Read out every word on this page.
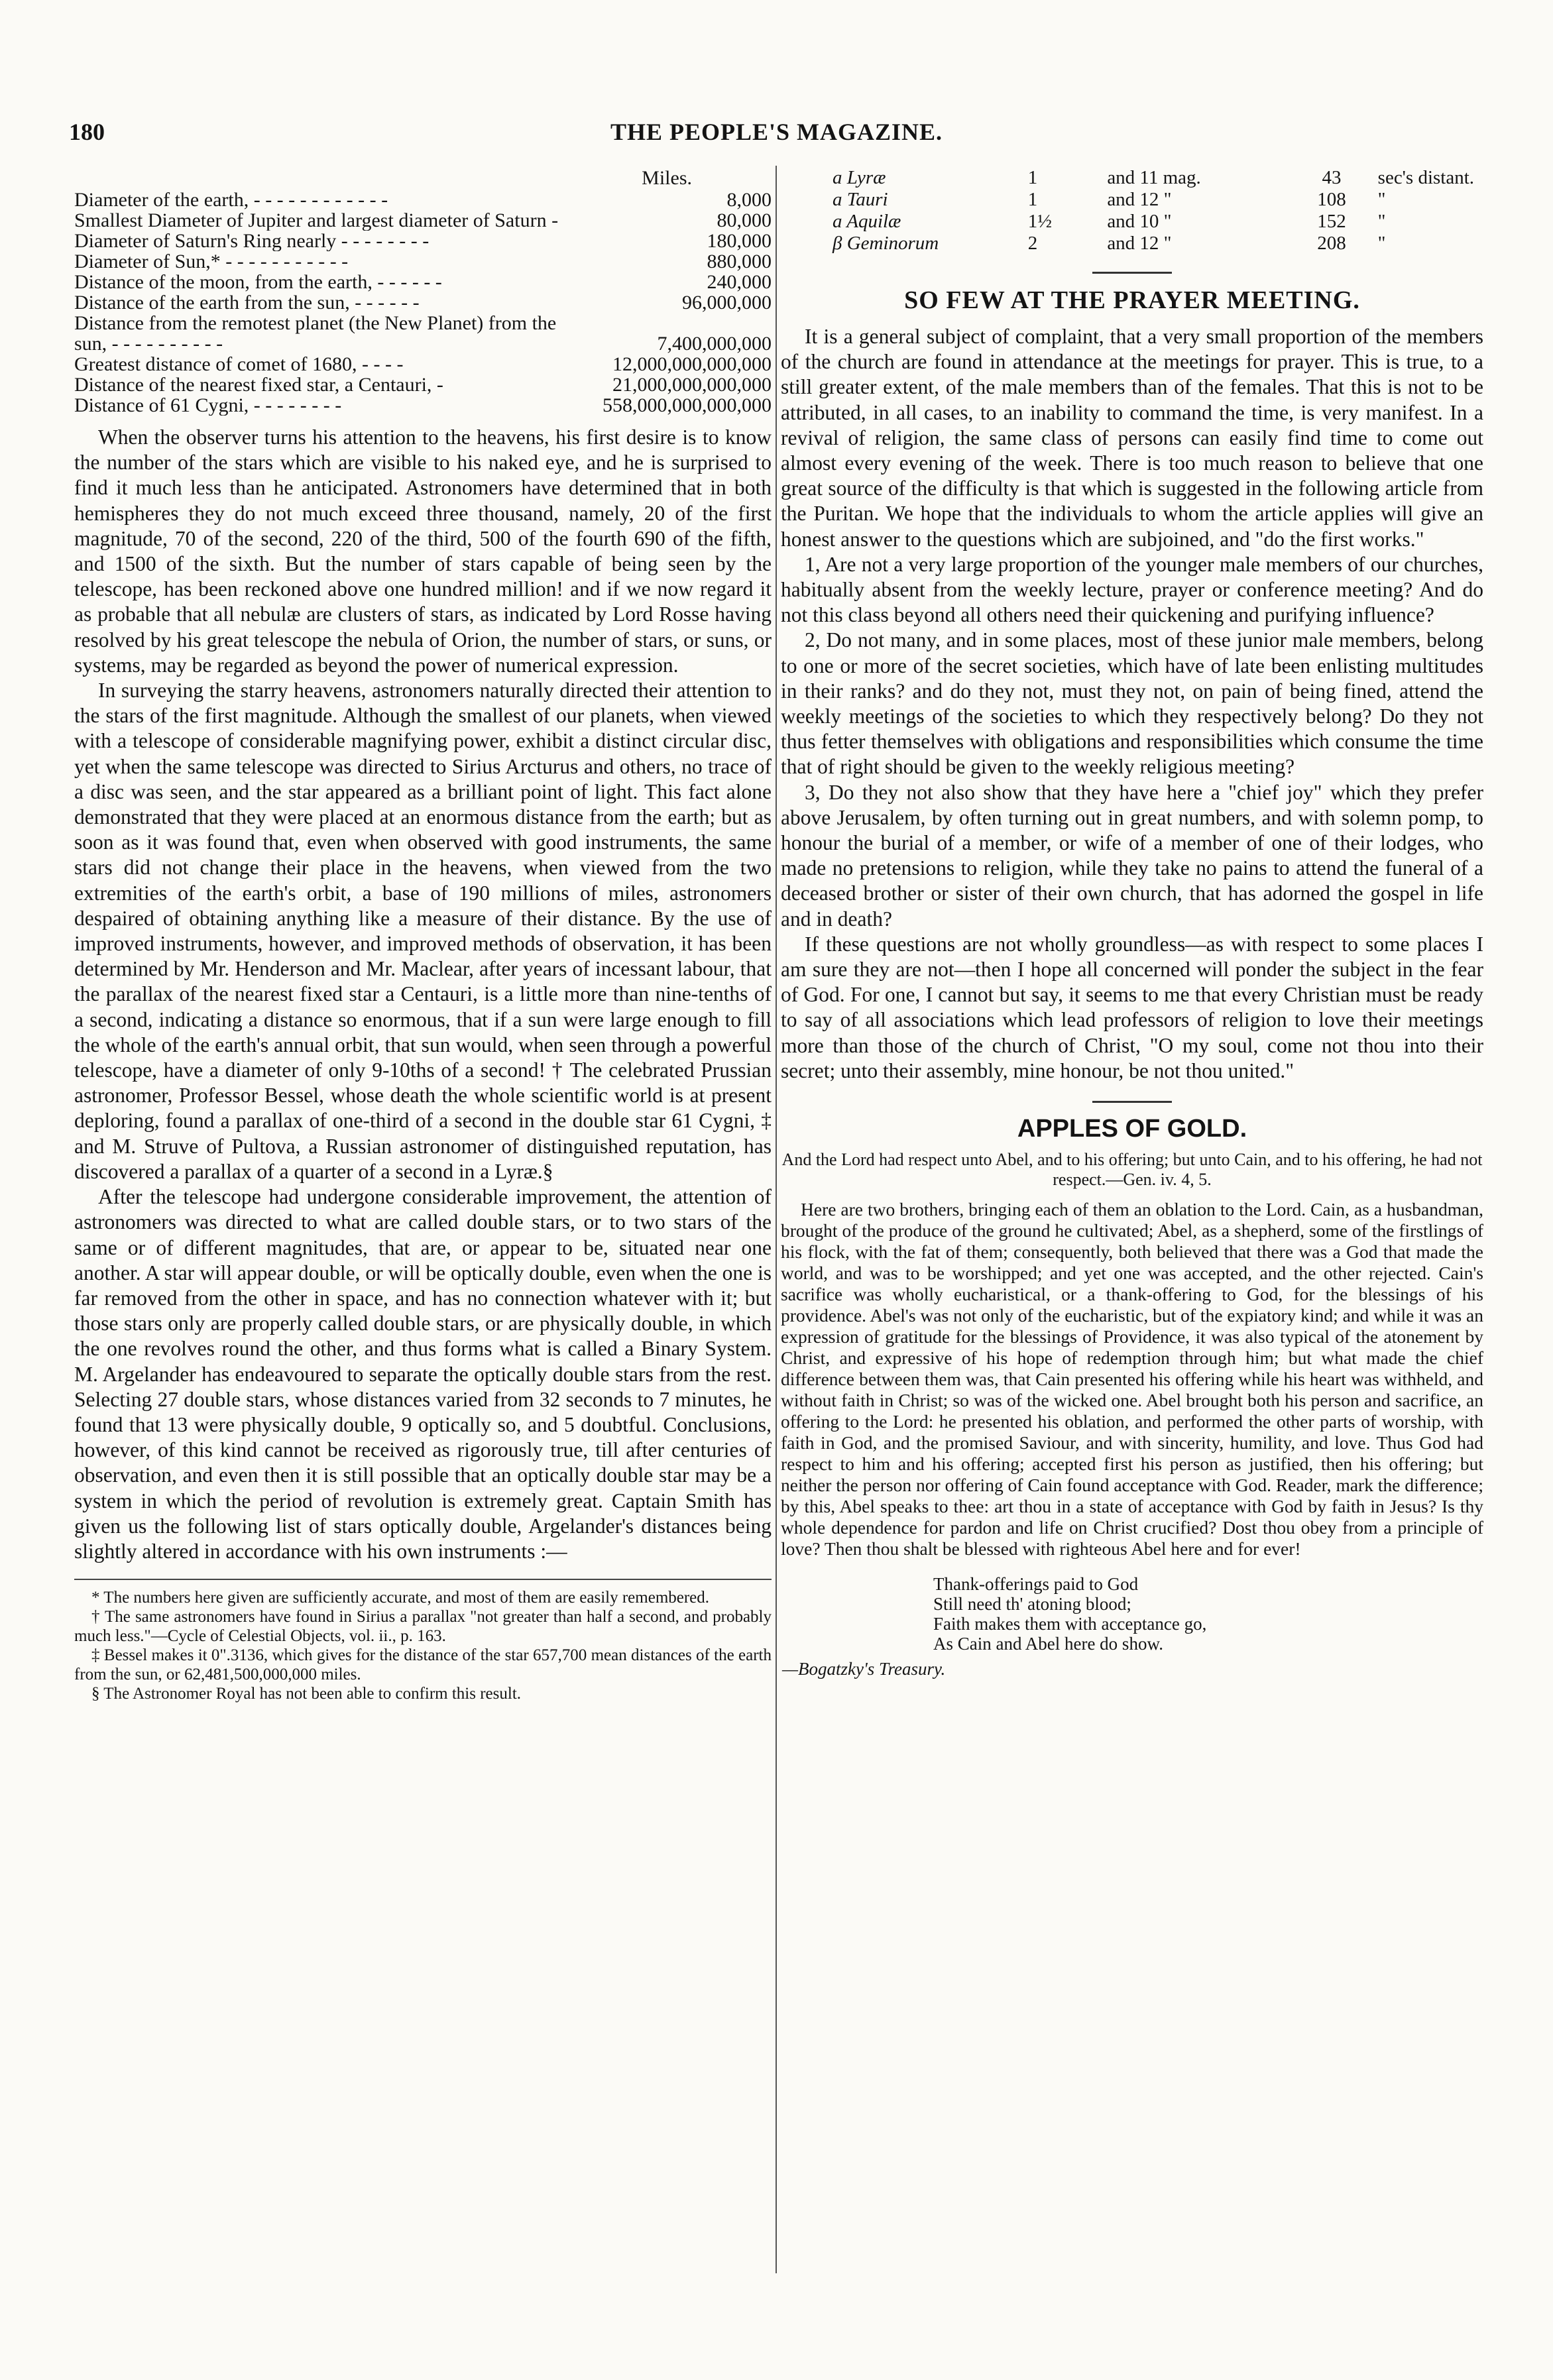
180	THE PEOPLE'S MAGAZINE.
Miles.
Diameter of the earth, - - - - - - - - - - - -	8,000
Smallest Diameter of Jupiter and largest diameter of Saturn -	80,000
Diameter of Saturn's Ring nearly - - - - - - - -	180,000
Diameter of Sun,* - - - - - - - - - - -	880,000
Distance of the moon, from the earth, - - - - - -	240,000
Distance of the earth from the sun, - - - - - -	96,000,000
Distance from the remotest planet (the New Planet) from the sun, - - - - - - - - - -	7,400,000,000
Greatest distance of comet of 1680, - - - -	12,000,000,000,000
Distance of the nearest fixed star, a Centauri, -	21,000,000,000,000
Distance of 61 Cygni, - - - - - - - -	558,000,000,000,000

When the observer turns his attention to the heavens, his first desire is to know the number of the stars which are visible to his naked eye, and he is surprised to find it much less than he anticipated. Astronomers have determined that in both hemispheres they do not much exceed three thousand, namely, 20 of the first magnitude, 70 of the second, 220 of the third, 500 of the fourth 690 of the fifth, and 1500 of the sixth. But the number of stars capable of being seen by the telescope, has been reckoned above one hundred million! and if we now regard it as probable that all nebulæ are clusters of stars, as indicated by Lord Rosse having resolved by his great telescope the nebula of Orion, the number of stars, or suns, or systems, may be regarded as beyond the power of numerical expression.

In surveying the starry heavens, astronomers naturally directed their attention to the stars of the first magnitude. Although the smallest of our planets, when viewed with a telescope of considerable magnifying power, exhibit a distinct circular disc, yet when the same telescope was directed to Sirius Arcturus and others, no trace of a disc was seen, and the star appeared as a brilliant point of light. This fact alone demonstrated that they were placed at an enormous distance from the earth; but as soon as it was found that, even when observed with good instruments, the same stars did not change their place in the heavens, when viewed from the two extremities of the earth's orbit, a base of 190 millions of miles, astronomers despaired of obtaining anything like a measure of their distance. By the use of improved instruments, however, and improved methods of observation, it has been determined by Mr. Henderson and Mr. Maclear, after years of incessant labour, that the parallax of the nearest fixed star a Centauri, is a little more than nine-tenths of a second, indicating a distance so enormous, that if a sun were large enough to fill the whole of the earth's annual orbit, that sun would, when seen through a powerful telescope, have a diameter of only 9-10ths of a second! † The celebrated Prussian astronomer, Professor Bessel, whose death the whole scientific world is at present deploring, found a parallax of one-third of a second in the double star 61 Cygni, ‡ and M. Struve of Pultova, a Russian astronomer of distinguished reputation, has discovered a parallax of a quarter of a second in a Lyræ.§

After the telescope had undergone considerable improvement, the attention of astronomers was directed to what are called double stars, or to two stars of the same or of different magnitudes, that are, or appear to be, situated near one another. A star will appear double, or will be optically double, even when the one is far removed from the other in space, and has no connection whatever with it; but those stars only are properly called double stars, or are physically double, in which the one revolves round the other, and thus forms what is called a Binary System. M. Argelander has endeavoured to separate the optically double stars from the rest. Selecting 27 double stars, whose distances varied from 32 seconds to 7 minutes, he found that 13 were physically double, 9 optically so, and 5 doubtful. Conclusions, however, of this kind cannot be received as rigorously true, till after centuries of observation, and even then it is still possible that an optically double star may be a system in which the period of revolution is extremely great. Captain Smith has given us the following list of stars optically double, Argelander's distances being slightly altered in accordance with his own instruments :—

* The numbers here given are sufficiently accurate, and most of them are easily remembered.

† The same astronomers have found in Sirius a parallax "not greater than half a second, and probably much less."—Cycle of Celestial Objects, vol. ii., p. 163.

‡ Bessel makes it 0".3136, which gives for the distance of the star 657,700 mean distances of the earth from the sun, or 62,481,500,000,000 miles.

§ The Astronomer Royal has not been able to confirm this result.

a Lyræ	1	and 11 mag.	43	sec's distant.
a Tauri	1	and 12 "	108	"
a Aquilæ	1½	and 10 "	152	"
β Geminorum	2	and 12 "	208	"
SO FEW AT THE PRAYER MEETING.

It is a general subject of complaint, that a very small proportion of the members of the church are found in attendance at the meetings for prayer. This is true, to a still greater extent, of the male members than of the females. That this is not to be attributed, in all cases, to an inability to command the time, is very manifest. In a revival of religion, the same class of persons can easily find time to come out almost every evening of the week. There is too much reason to believe that one great source of the difficulty is that which is suggested in the following article from the Puritan. We hope that the individuals to whom the article applies will give an honest answer to the questions which are subjoined, and "do the first works."

1, Are not a very large proportion of the younger male members of our churches, habitually absent from the weekly lecture, prayer or conference meeting? And do not this class beyond all others need their quickening and purifying influence?

2, Do not many, and in some places, most of these junior male members, belong to one or more of the secret societies, which have of late been enlisting multitudes in their ranks? and do they not, must they not, on pain of being fined, attend the weekly meetings of the societies to which they respectively belong? Do they not thus fetter themselves with obligations and responsibilities which consume the time that of right should be given to the weekly religious meeting?

3, Do they not also show that they have here a "chief joy" which they prefer above Jerusalem, by often turning out in great numbers, and with solemn pomp, to honour the burial of a member, or wife of a member of one of their lodges, who made no pretensions to religion, while they take no pains to attend the funeral of a deceased brother or sister of their own church, that has adorned the gospel in life and in death?

If these questions are not wholly groundless—as with respect to some places I am sure they are not—then I hope all concerned will ponder the subject in the fear of God. For one, I cannot but say, it seems to me that every Christian must be ready to say of all associations which lead professors of religion to love their meetings more than those of the church of Christ, "O my soul, come not thou into their secret; unto their assembly, mine honour, be not thou united."

APPLES OF GOLD.

And the Lord had respect unto Abel, and to his offering; but unto Cain, and to his offering, he had not respect.—Gen. iv. 4, 5.

Here are two brothers, bringing each of them an oblation to the Lord. Cain, as a husbandman, brought of the produce of the ground he cultivated; Abel, as a shepherd, some of the firstlings of his flock, with the fat of them; consequently, both believed that there was a God that made the world, and was to be worshipped; and yet one was accepted, and the other rejected. Cain's sacrifice was wholly eucharistical, or a thank-offering to God, for the blessings of his providence. Abel's was not only of the eucharistic, but of the expiatory kind; and while it was an expression of gratitude for the blessings of Providence, it was also typical of the atonement by Christ, and expressive of his hope of redemption through him; but what made the chief difference between them was, that Cain presented his offering while his heart was withheld, and without faith in Christ; so was of the wicked one. Abel brought both his person and sacrifice, an offering to the Lord: he presented his oblation, and performed the other parts of worship, with faith in God, and the promised Saviour, and with sincerity, humility, and love. Thus God had respect to him and his offering; accepted first his person as justified, then his offering; but neither the person nor offering of Cain found acceptance with God. Reader, mark the difference; by this, Abel speaks to thee: art thou in a state of acceptance with God by faith in Jesus? Is thy whole dependence for pardon and life on Christ crucified? Dost thou obey from a principle of love? Then thou shalt be blessed with righteous Abel here and for ever!

Thank-offerings paid to God
Still need th' atoning blood;
Faith makes them with acceptance go,
As Cain and Abel here do show.
—Bogatzky's Treasury.
